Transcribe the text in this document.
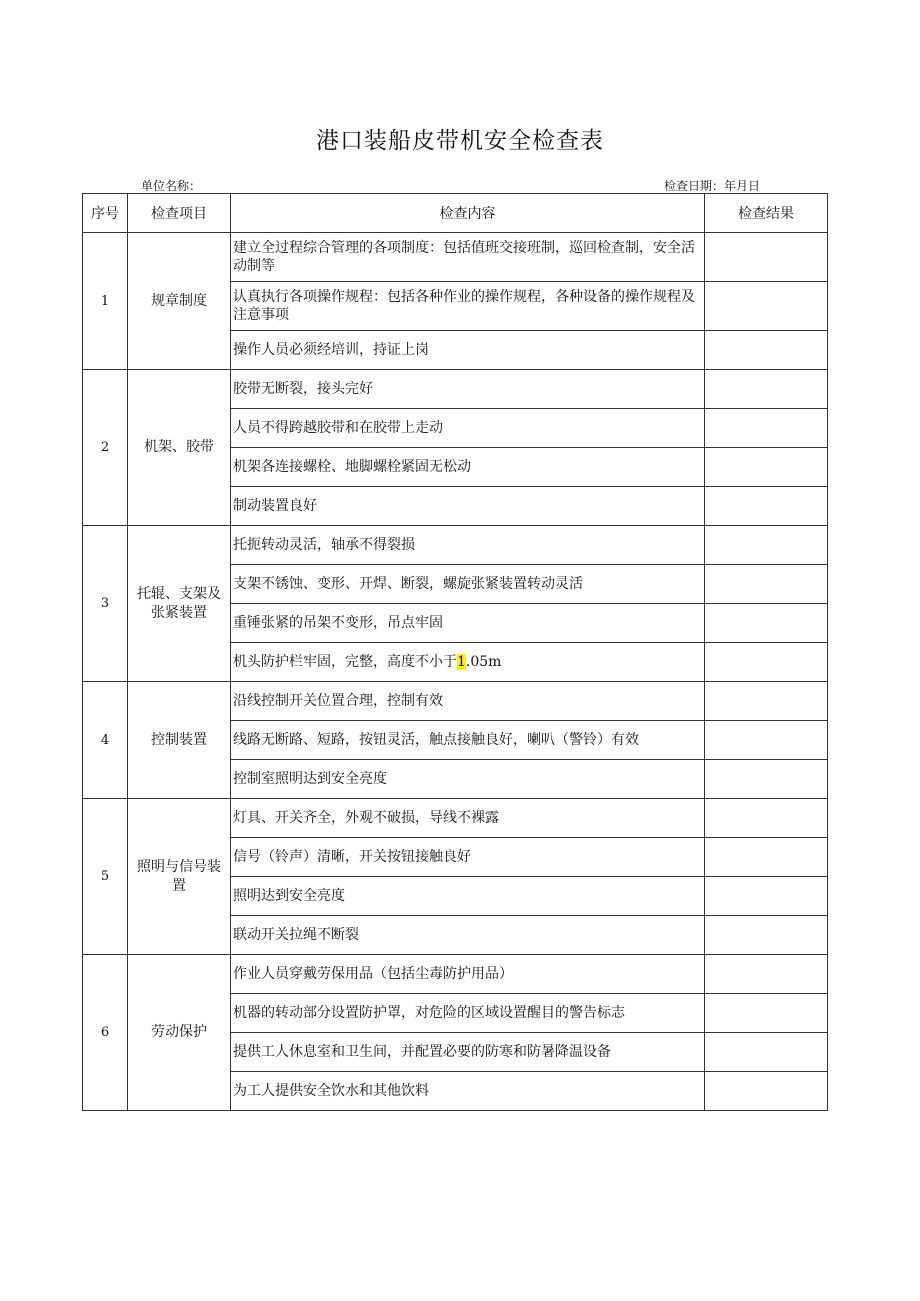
港口装船皮带机安全检查表
单位名称：	检查日期：年月日
序号	检查项目	检查内容	检查结果
1	规章制度	建立全过程综合管理的各项制度：包括值班交接班制，巡回检查制，安全活动制等	
		认真执行各项操作规程：包括各种作业的操作规程，各种设备的操作规程及注意事项	
		操作人员必须经培训，持证上岗	
2	机架、胶带	胶带无断裂，接头完好	
		人员不得跨越胶带和在胶带上走动	
		机架各连接螺栓、地脚螺栓紧固无松动	
		制动装置良好	
3	托辊、支架及张紧装置	托扼转动灵活，轴承不得裂损	
		支架不锈蚀、变形、开焊、断裂，螺旋张紧装置转动灵活	
		重锤张紧的吊架不变形，吊点牢固	
		机头防护栏牢固，完整，高度不小于1.05m	
4	控制装置	沿线控制开关位置合理，控制有效	
		线路无断路、短路，按钮灵活，触点接触良好，喇叭（警铃）有效	
		控制室照明达到安全亮度	
5	照明与信号装置	灯具、开关齐全，外观不破损，导线不裸露	
		信号（铃声）清晰，开关按钮接触良好	
		照明达到安全亮度	
		联动开关拉绳不断裂	
6	劳动保护	作业人员穿戴劳保用品（包括尘毒防护用品）	
		机器的转动部分设置防护罩，对危险的区域设置醒目的警告标志	
		提供工人休息室和卫生间，并配置必要的防寒和防暑降温设备	
		为工人提供安全饮水和其他饮料	
